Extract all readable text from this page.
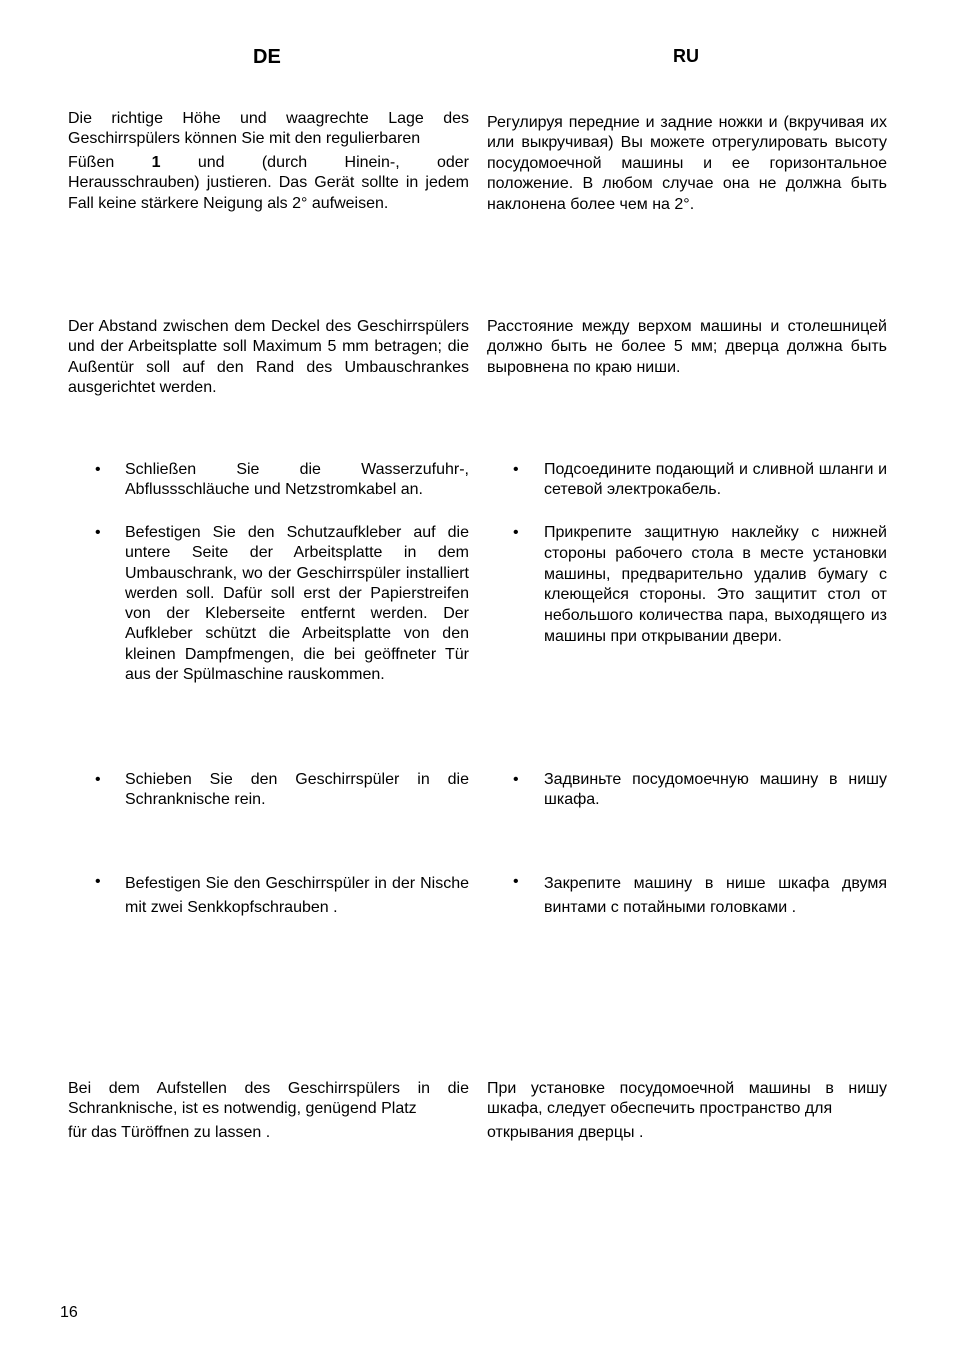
DE	RU

Die richtige Höhe und waagrechte Lage des Geschirrspülers können Sie mit den regulierbaren
Füßen 1 und (durch Hinein-, oder
Herausschrauben) justieren. Das Gerät sollte in jedem Fall keine stärkere Neigung als 2° aufweisen.

Регулируя передние и задние ножки и (вкручивая их или выкручивая) Вы можете отрегулировать высоту посудомоечной машины и ее горизонтальное положение. В любом случае она не должна быть наклонена более чем на 2°.

Der Abstand zwischen dem Deckel des Geschirrspülers und der Arbeitsplatte soll Maximum 5 mm betragen; die Außentür soll auf den Rand des Umbauschrankes ausgerichtet werden.

Расстояние между верхом машины и столешницей должно быть не более 5 мм; дверца должна быть выровнена по краю ниши.

• Schließen Sie die Wasserzufuhr-, Abflussschläuche und Netzstromkabel an.
• Befestigen Sie den Schutzaufkleber auf die untere Seite der Arbeitsplatte in dem Umbauschrank, wo der Geschirrspüler installiert werden soll. Dafür soll erst der Papierstreifen von der Kleberseite entfernt werden. Der Aufkleber schützt die Arbeitsplatte von den kleinen Dampfmengen, die bei geöffneter Tür aus der Spülmaschine rauskommen.
• Schieben Sie den Geschirrspüler in die Schranknische rein.
• Befestigen Sie den Geschirrspüler in der Nische mit zwei Senkkopfschrauben .
• Подсоедините подающий и сливной шланги и сетевой электрокабель.
• Прикрепите защитную наклейку с нижней стороны рабочего стола в месте установки машины, предварительно удалив бумагу с клеющейся стороны. Это защитит стол от небольшого количества пара, выходящего из машины при открывании двери.
• Задвиньте посудомоечную машину в нишу шкафа.
• Закрепите машину в нише шкафа двумя винтами с потайными головками .

Bei dem Aufstellen des Geschirrspülers in die Schranknische, ist es notwendig, genügend Platz
für das Türöffnen zu lassen .

При установке посудомоечной машины в нишу шкафа, следует обеспечить пространство для
открывания дверцы .

16
